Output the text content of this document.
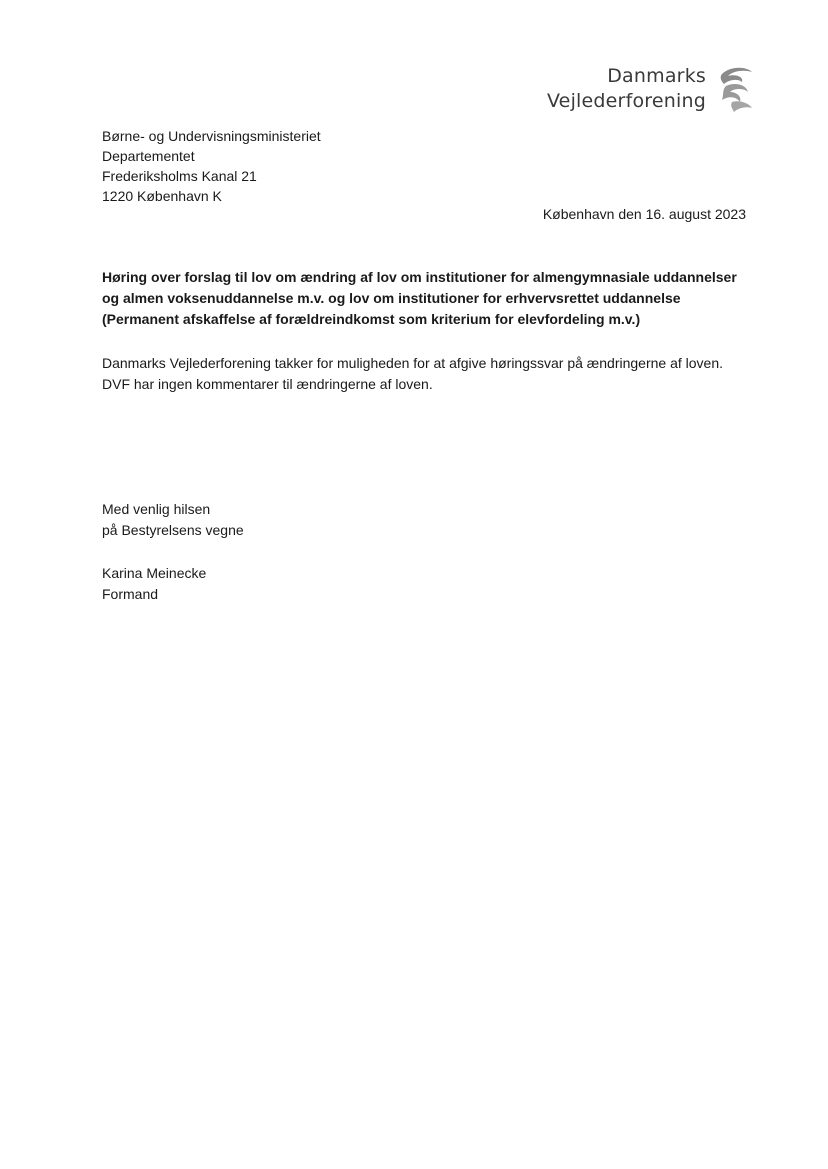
Danmarks
Vejlederforening
Børne- og Undervisningsministeriet
Departementet
Frederiksholms Kanal 21
1220 København K
København den 16. august 2023
Høring over forslag til lov om ændring af lov om institutioner for almengymnasiale uddannelser
og almen voksenuddannelse m.v. og lov om institutioner for erhvervsrettet uddannelse
(Permanent afskaffelse af forældreindkomst som kriterium for elevfordeling m.v.)

Danmarks Vejlederforening takker for muligheden for at afgive høringssvar på ændringerne af loven.

DVF har ingen kommentarer til ændringerne af loven.

Med venlig hilsen
på Bestyrelsens vegne
Karina Meinecke
Formand
